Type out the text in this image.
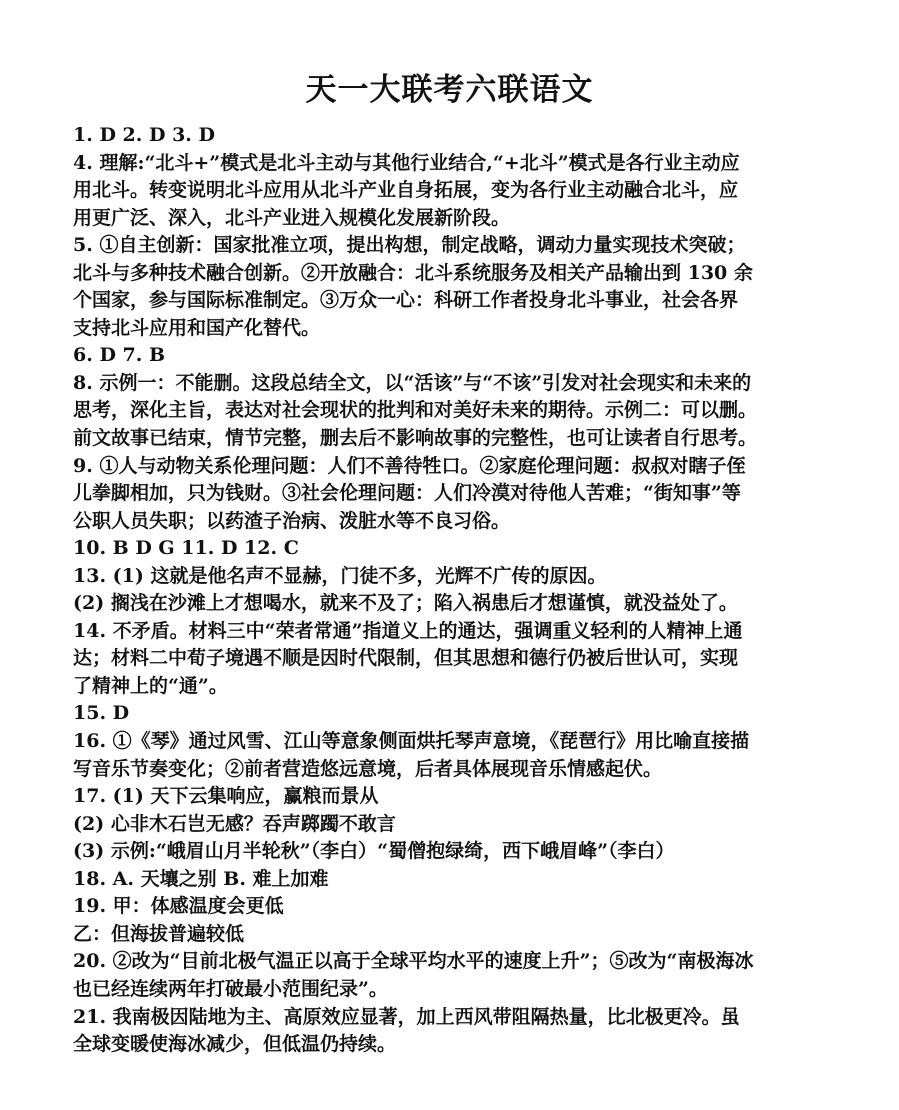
天一大联考六联语文
1. D 2. D 3. D
4. 理解:“北斗+”模式是北斗主动与其他行业结合,“+北斗”模式是各行业主动应
用北斗。转变说明北斗应用从北斗产业自身拓展，变为各行业主动融合北斗，应
用更广泛、深入，北斗产业进入规模化发展新阶段。
5. ①自主创新：国家批准立项，提出构想，制定战略，调动力量实现技术突破；
北斗与多种技术融合创新。②开放融合：北斗系统服务及相关产品输出到 130 余
个国家，参与国际标准制定。③万众一心：科研工作者投身北斗事业，社会各界
支持北斗应用和国产化替代。
6. D 7. B
8. 示例一：不能删。这段总结全文，以“活该”与“不该”引发对社会现实和未来的
思考，深化主旨，表达对社会现状的批判和对美好未来的期待。示例二：可以删。
前文故事已结束，情节完整，删去后不影响故事的完整性，也可让读者自行思考。
9. ①人与动物关系伦理问题：人们不善待牲口。②家庭伦理问题：叔叔对瞎子侄
儿拳脚相加，只为钱财。③社会伦理问题：人们冷漠对待他人苦难；“街知事”等
公职人员失职；以药渣子治病、泼脏水等不良习俗。
10. B D G 11. D 12. C
13. (1) 这就是他名声不显赫，门徒不多，光辉不广传的原因。
(2) 搁浅在沙滩上才想喝水，就来不及了；陷入祸患后才想谨慎，就没益处了。
14. 不矛盾。材料三中“荣者常通”指道义上的通达，强调重义轻利的人精神上通
达；材料二中荀子境遇不顺是因时代限制，但其思想和德行仍被后世认可，实现
了精神上的“通”。
15. D
16. ①《琴》通过风雪、江山等意象侧面烘托琴声意境，《琵琶行》用比喻直接描
写音乐节奏变化；②前者营造悠远意境，后者具体展现音乐情感起伏。
17. (1) 天下云集响应，赢粮而景从
(2) 心非木石岂无感？吞声踯躅不敢言
(3) 示例:“峨眉山月半轮秋”（李白）“蜀僧抱绿绮，西下峨眉峰”（李白）
18. A. 天壤之别 B. 难上加难
19. 甲：体感温度会更低
乙：但海拔普遍较低
20. ②改为“目前北极气温正以高于全球平均水平的速度上升”；⑤改为“南极海冰
也已经连续两年打破最小范围纪录”。
21. 我南极因陆地为主、高原效应显著，加上西风带阻隔热量，比北极更冷。虽
全球变暖使海冰减少，但低温仍持续。
